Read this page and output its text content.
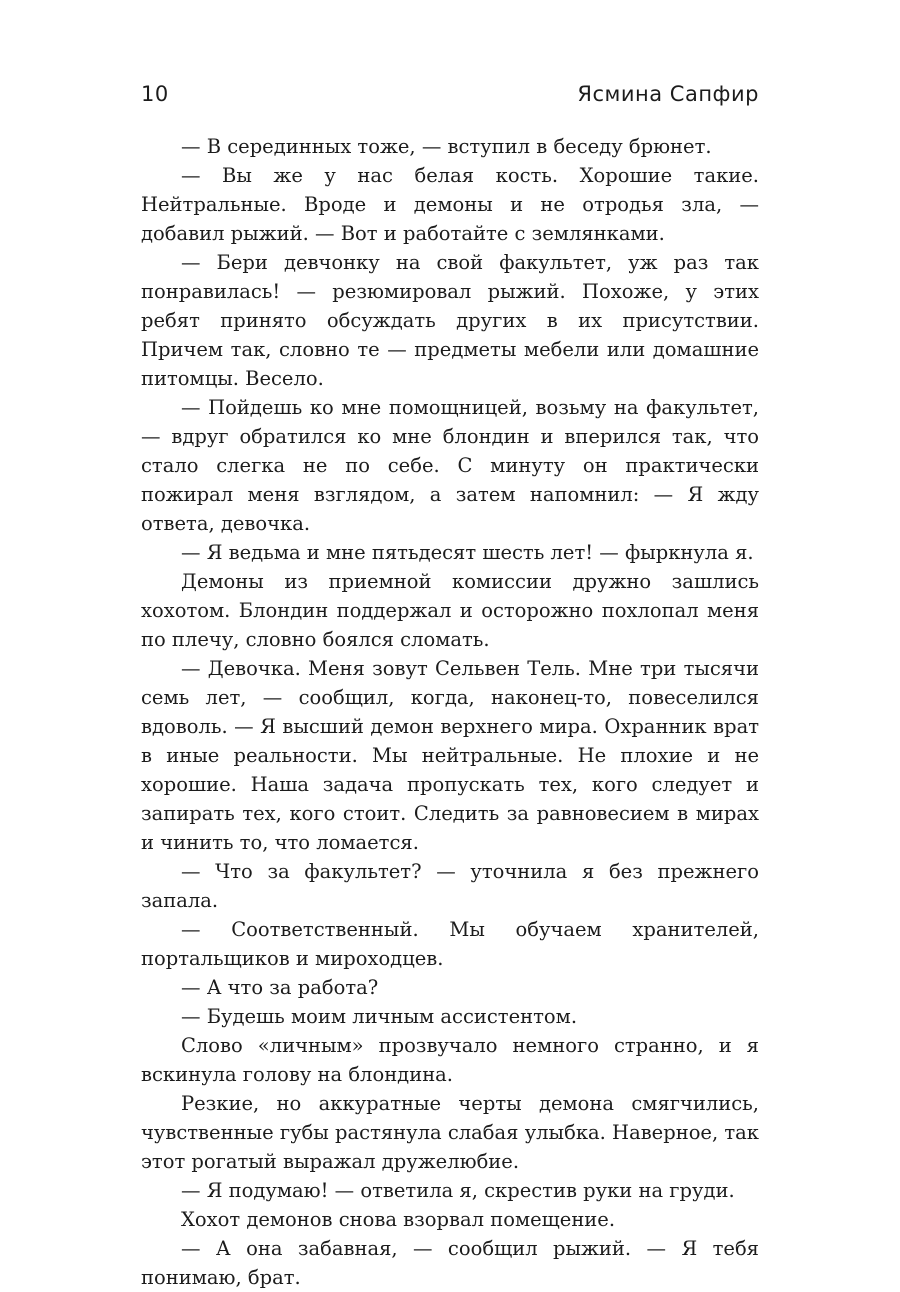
10	Ясмина Сапфир

— В серединных тоже, — вступил в беседу брюнет.

— Вы же у нас белая кость. Хорошие такие. Нейтральные. Вроде и демоны и не отродья зла, — добавил рыжий. — Вот и работайте с землянками.

— Бери девчонку на свой факультет, уж раз так понравилась! — резюмировал рыжий. Похоже, у этих ребят принято обсуждать других в их присутствии. Причем так, словно те — предметы мебели или домашние питомцы. Весело.

— Пойдешь ко мне помощницей, возьму на факультет, — вдруг обратился ко мне блондин и вперился так, что стало слегка не по себе. С минуту он практически пожирал меня взглядом, а затем напомнил: — Я жду ответа, девочка.

— Я ведьма и мне пятьдесят шесть лет! — фыркнула я.

Демоны из приемной комиссии дружно зашлись хохотом. Блондин поддержал и осторожно похлопал меня по плечу, словно боялся сломать.

— Девочка. Меня зовут Сельвен Тель. Мне три тысячи семь лет, — сообщил, когда, наконец-то, повеселился вдоволь. — Я высший демон верхнего мира. Охранник врат в иные реальности. Мы нейтральные. Не плохие и не хорошие. Наша задача пропускать тех, кого следует и запирать тех, кого стоит. Следить за равновесием в мирах и чинить то, что ломается.

— Что за факультет? — уточнила я без прежнего запала.

— Соответственный. Мы обучаем хранителей, портальщиков и мироходцев.

— А что за работа?

— Будешь моим личным ассистентом.

Слово «личным» прозвучало немного странно, и я вскинула голову на блондина.

Резкие, но аккуратные черты демона смягчились, чувственные губы растянула слабая улыбка. Наверное, так этот рогатый выражал дружелюбие.

— Я подумаю! — ответила я, скрестив руки на груди.

Хохот демонов снова взорвал помещение.

— А она забавная, — сообщил рыжий. — Я тебя понимаю, брат.
